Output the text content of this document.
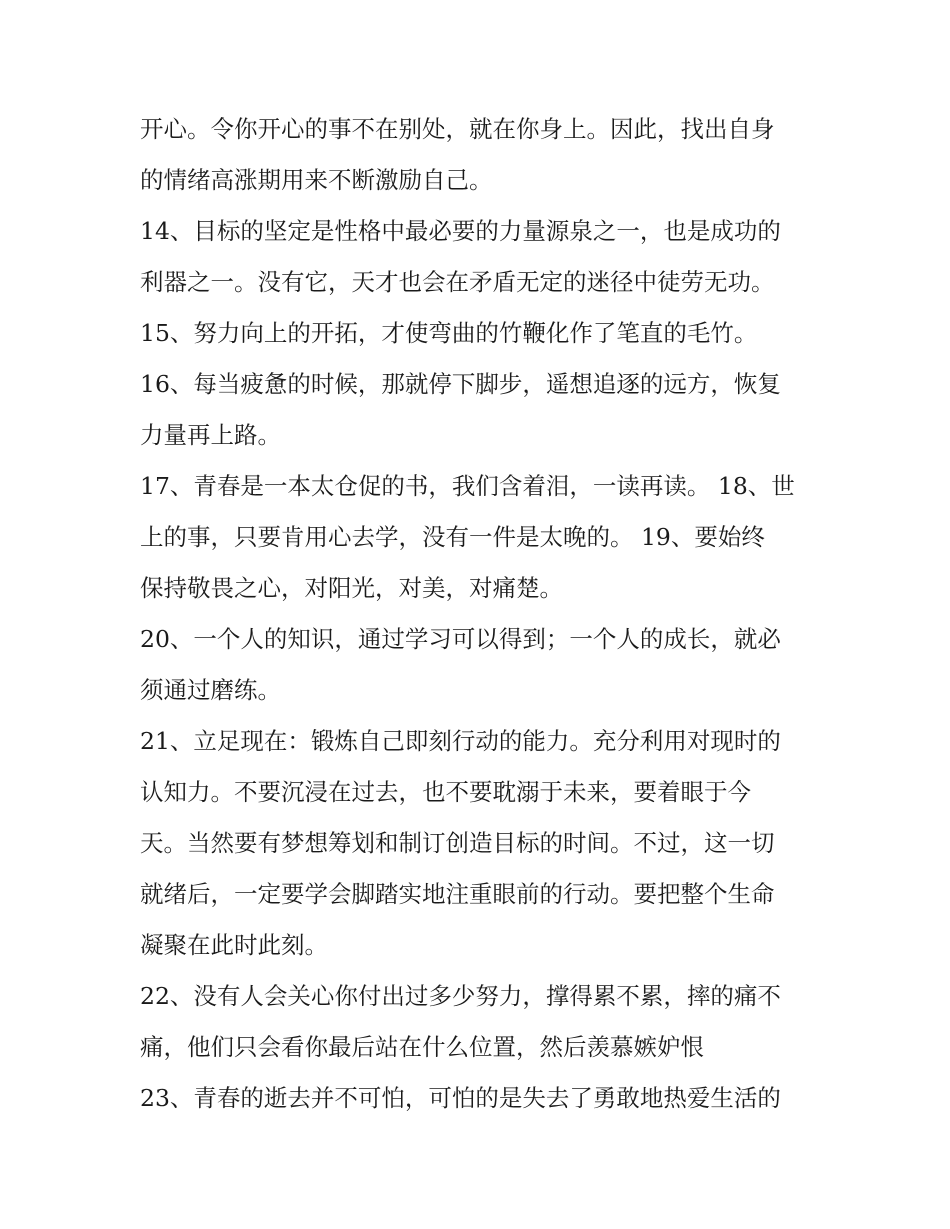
开心。令你开心的事不在别处，就在你身上。因此，找出自身
的情绪高涨期用来不断激励自己。
14、目标的坚定是性格中最必要的力量源泉之一，也是成功的
利器之一。没有它，天才也会在矛盾无定的迷径中徒劳无功。
15、努力向上的开拓，才使弯曲的竹鞭化作了笔直的毛竹。
16、每当疲惫的时候，那就停下脚步，遥想追逐的远方，恢复
力量再上路。
17、青春是一本太仓促的书，我们含着泪，一读再读。 18、世
上的事，只要肯用心去学，没有一件是太晚的。 19、要始终
保持敬畏之心，对阳光，对美，对痛楚。
20、一个人的知识，通过学习可以得到；一个人的成长，就必
须通过磨练。
21、立足现在：锻炼自己即刻行动的能力。充分利用对现时的
认知力。不要沉浸在过去，也不要耽溺于未来，要着眼于今
天。当然要有梦想筹划和制订创造目标的时间。不过，这一切
就绪后，一定要学会脚踏实地注重眼前的行动。要把整个生命
凝聚在此时此刻。
22、没有人会关心你付出过多少努力，撑得累不累，摔的痛不
痛，他们只会看你最后站在什么位置，然后羡慕嫉妒恨
23、青春的逝去并不可怕，可怕的是失去了勇敢地热爱生活的
